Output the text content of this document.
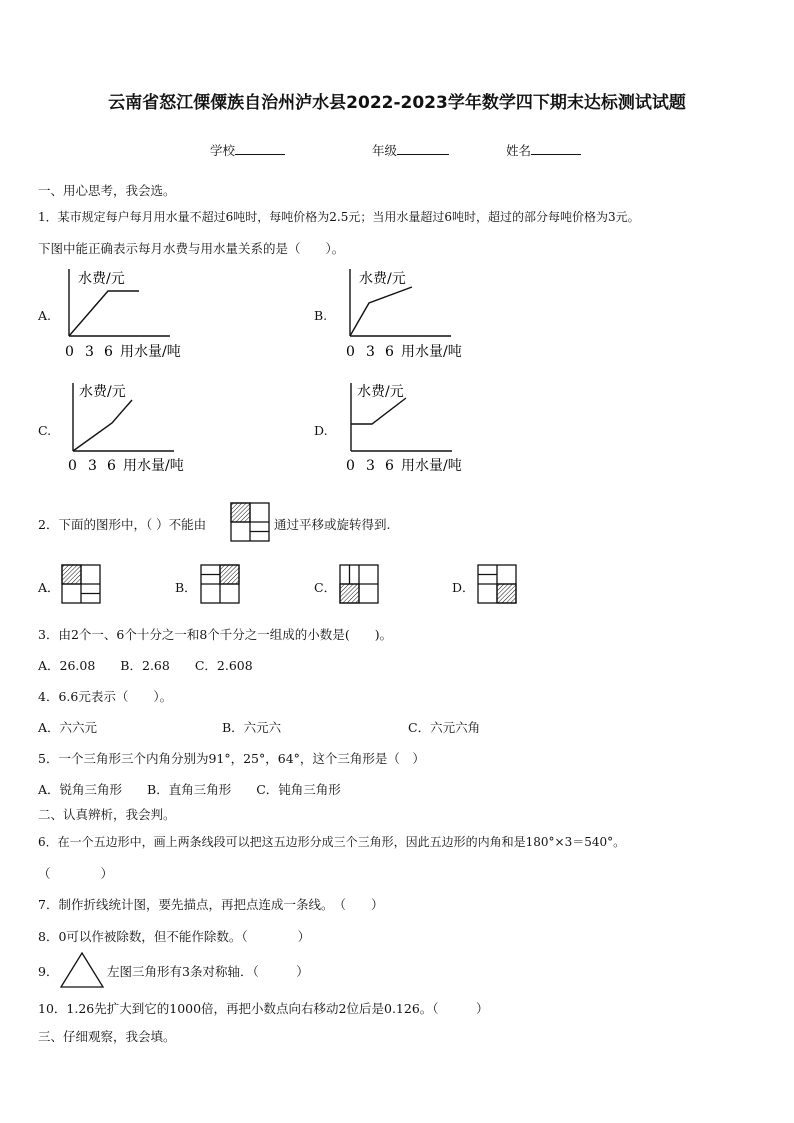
云南省怒江傈僳族自治州泸水县2022-2023学年数学四下期末达标测试试题
学校	年级	姓名
一、用心思考，我会选。
1．某市规定每户每月用水量不超过6吨时，每吨价格为2.5元；当用水量超过6吨时，超过的部分每吨价格为3元。
下图中能正确表示每月水费与用水量关系的是（　　）。
A.
水费/元
0 3 6 用水量/吨
B.
水费/元
0 3 6 用水量/吨
C.
水费/元
0 3 6 用水量/吨
D.
水费/元
0 3 6 用水量/吨
2．下面的图形中，（ ）不能由	通过平移或旋转得到.
A．	B．	C．	D．
3．由2个一、6个十分之一和8个千分之一组成的小数是(　　)。
A．26.08　　B．2.68　　C．2.608
4．6.6元表示（　　）。
A．六六元	B．六元六	C．六元六角
5．一个三角形三个内角分别为91°，25°，64°，这个三角形是（　）
A．锐角三角形　　B．直角三角形　　C．钝角三角形
二、认真辨析，我会判。
6．在一个五边形中，画上两条线段可以把这五边形分成三个三角形，因此五边形的内角和是180°×3＝540°。
（　　　　）
7．制作折线统计图，要先描点，再把点连成一条线。　（　　）
8．0可以作被除数，但不能作除数。（　　　　）
9．	左图三角形有3条对称轴．（　　　）
10．1.26先扩大到它的1000倍，再把小数点向右移动2位后是0.126。（　　　）
三、仔细观察，我会填。
